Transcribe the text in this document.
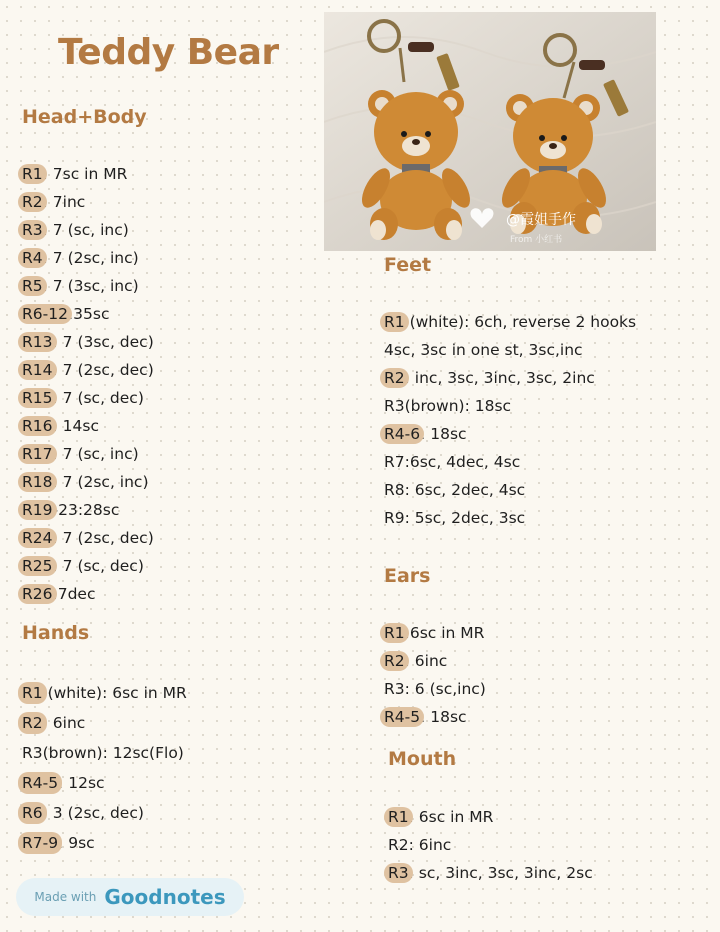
Teddy Bear
@霞姐手作
From 小红书
Head+Body
R1: 7sc in MR
R2: 7inc
R3: 7 (sc, inc)
R4: 7 (2sc, inc)
R5: 7 (3sc, inc)
R6-12:35sc
R13: 7 (3sc, dec)
R14: 7 (2sc, dec)
R15: 7 (sc, dec)
R16: 14sc
R17: 7 (sc, inc)
R18: 7 (2sc, inc)
R19-23:28sc
R24: 7 (2sc, dec)
R25: 7 (sc, dec)
R26:7dec
Hands
R1 (white): 6sc in MR
R2: 6inc
R3(brown): 12sc(Flo)
R4-5: 12sc
R6: 3 (2sc, dec)
R7-9: 9sc
Feet
R1 (white): 6ch, reverse 2 hooks
4sc, 3sc in one st, 3sc,inc
R2: inc, 3sc, 3inc, 3sc, 2inc
R3(brown): 18sc
R4-6: 18sc
R7:6sc, 4dec, 4sc
R8: 6sc, 2dec, 4sc
R9: 5sc, 2dec, 3sc
Ears
R1:6sc in MR
R2: 6inc
R3: 6 (sc,inc)
R4-5: 18sc
Mouth
R1: 6sc in MR
R2: 6inc
R3: sc, 3inc, 3sc, 3inc, 2sc
Made with Goodnotes
